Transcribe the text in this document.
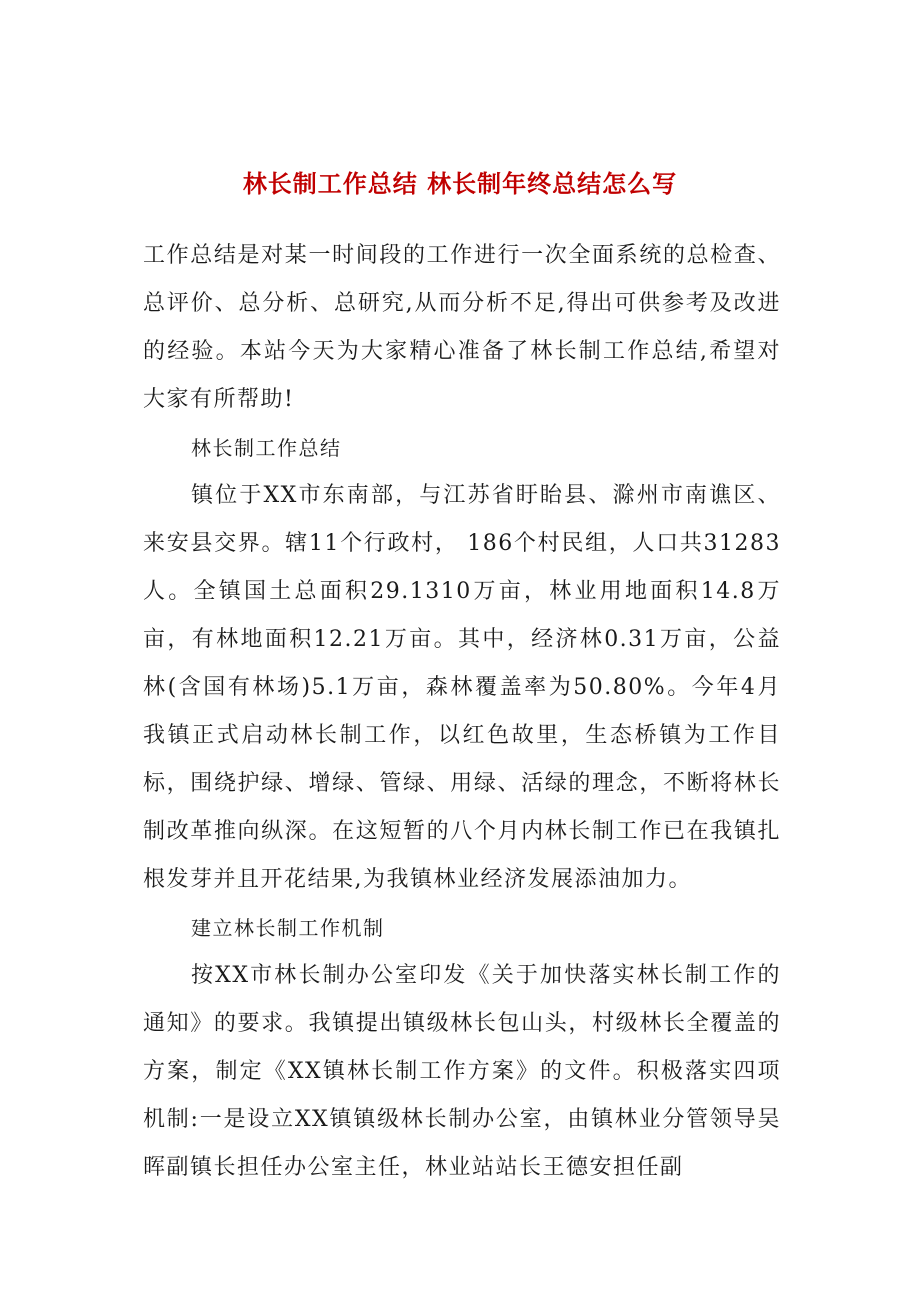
林长制工作总结 林长制年终总结怎么写

工作总结是对某一时间段的工作进行一次全面系统的总检查、总评价、总分析、总研究,从而分析不足,得出可供参考及改进的经验。本站今天为大家精心准备了林长制工作总结,希望对大家有所帮助!

林长制工作总结

镇位于XX市东南部，与江苏省盱眙县、滁州市南谯区、来安县交界。辖11个行政村， 186个村民组，人口共31283人。全镇国土总面积29.1310万亩，林业用地面积14.8万亩，有林地面积12.21万亩。其中，经济林0.31万亩，公益林(含国有林场)5.1万亩，森林覆盖率为50.80%。今年4月我镇正式启动林长制工作，以红色故里，生态桥镇为工作目标，围绕护绿、增绿、管绿、用绿、活绿的理念，不断将林长制改革推向纵深。在这短暂的八个月内林长制工作已在我镇扎根发芽并且开花结果,为我镇林业经济发展添油加力。

建立林长制工作机制

按XX市林长制办公室印发《关于加快落实林长制工作的通知》的要求。我镇提出镇级林长包山头，村级林长全覆盖的方案，制定《XX镇林长制工作方案》的文件。积极落实四项机制:一是设立XX镇镇级林长制办公室，由镇林业分管领导吴晖副镇长担任办公室主任，林业站站长王德安担任副
